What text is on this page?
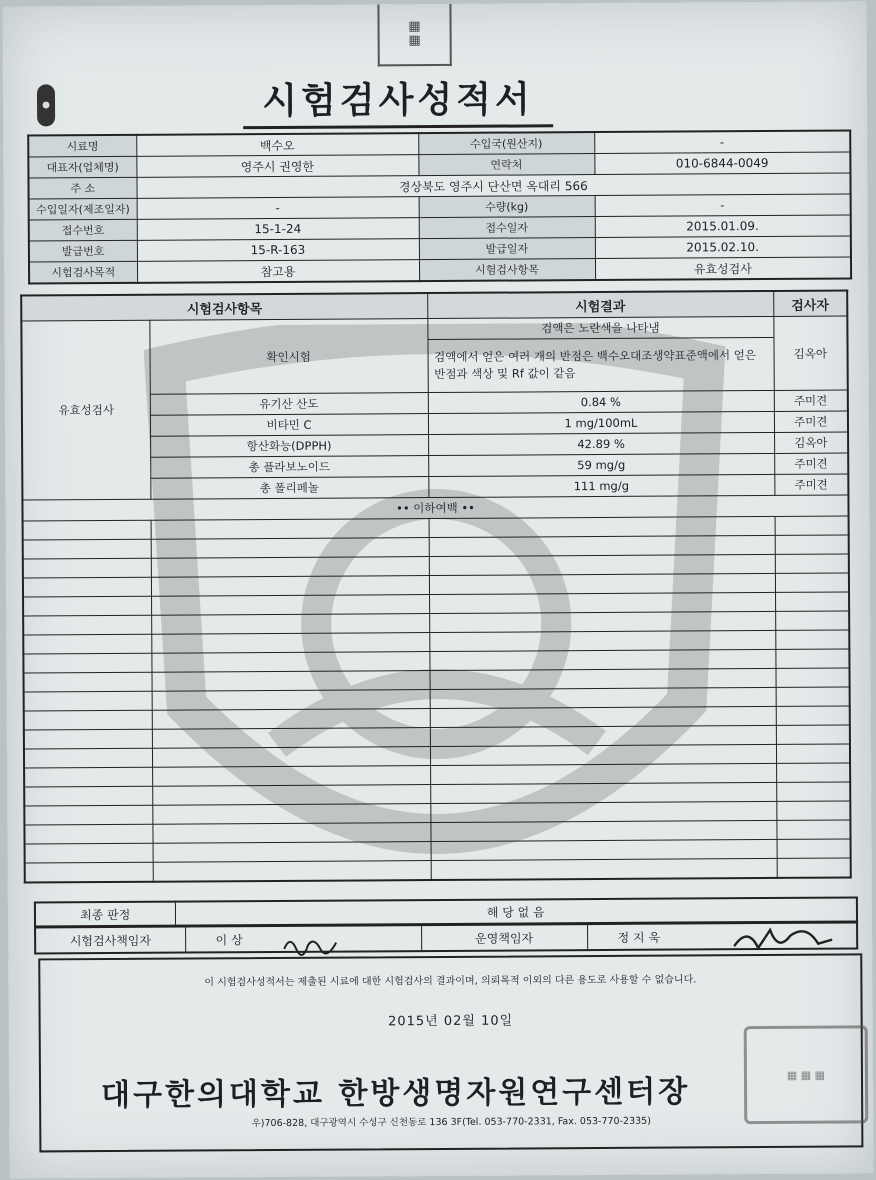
▦
▦
●	시험검사성적서
시료명	백수오	수입국(원산지)	-
대표자(업체명)	영주시 권영한	연락처	010-6844-0049
주 소	경상북도 영주시 단산면 옥대리 566		
수입일자(제조일자)	-	수량(kg)	-
접수번호	15-1-24	접수일자	2015.01.09.
발급번호	15-R-163	발급일자	2015.02.10.
시험검사목적	참고용	시험검사항목	유효성검사
시험검사항목		시험결과	검사자
유효성검사	확인시험	검액은 노란색을 나타냄	김옥아
		검액에서 얻은 여러 개의 반점은 백수오대조생약표준액에서 얻은 반점과 색상 및 Rf 값이 같음	
	유기산 산도	0.84 %	주미견
	비타민 C	1 mg/100mL	주미견
	항산화능(DPPH)	42.89 %	김옥아
	총 플라보노이드	59 mg/g	주미견
	총 폴리페놀	111 mg/g	주미견
•• 이하여백 ••			

최종 판정	해 당 없 음
시험검사책임자	이 상	운영책임자	정 지 욱
이 시험검사성적서는 제출된 시료에 대한 시험검사의 결과이며, 의뢰목적 이외의 다른 용도로 사용할 수 없습니다.
2015년 02월 10일
대구한의대학교 한방생명자원연구센터장
우)706-828, 대구광역시 수성구 신천동로 136 3F(Tel. 053-770-2331, Fax. 053-770-2335)
▦ ▦ ▦
